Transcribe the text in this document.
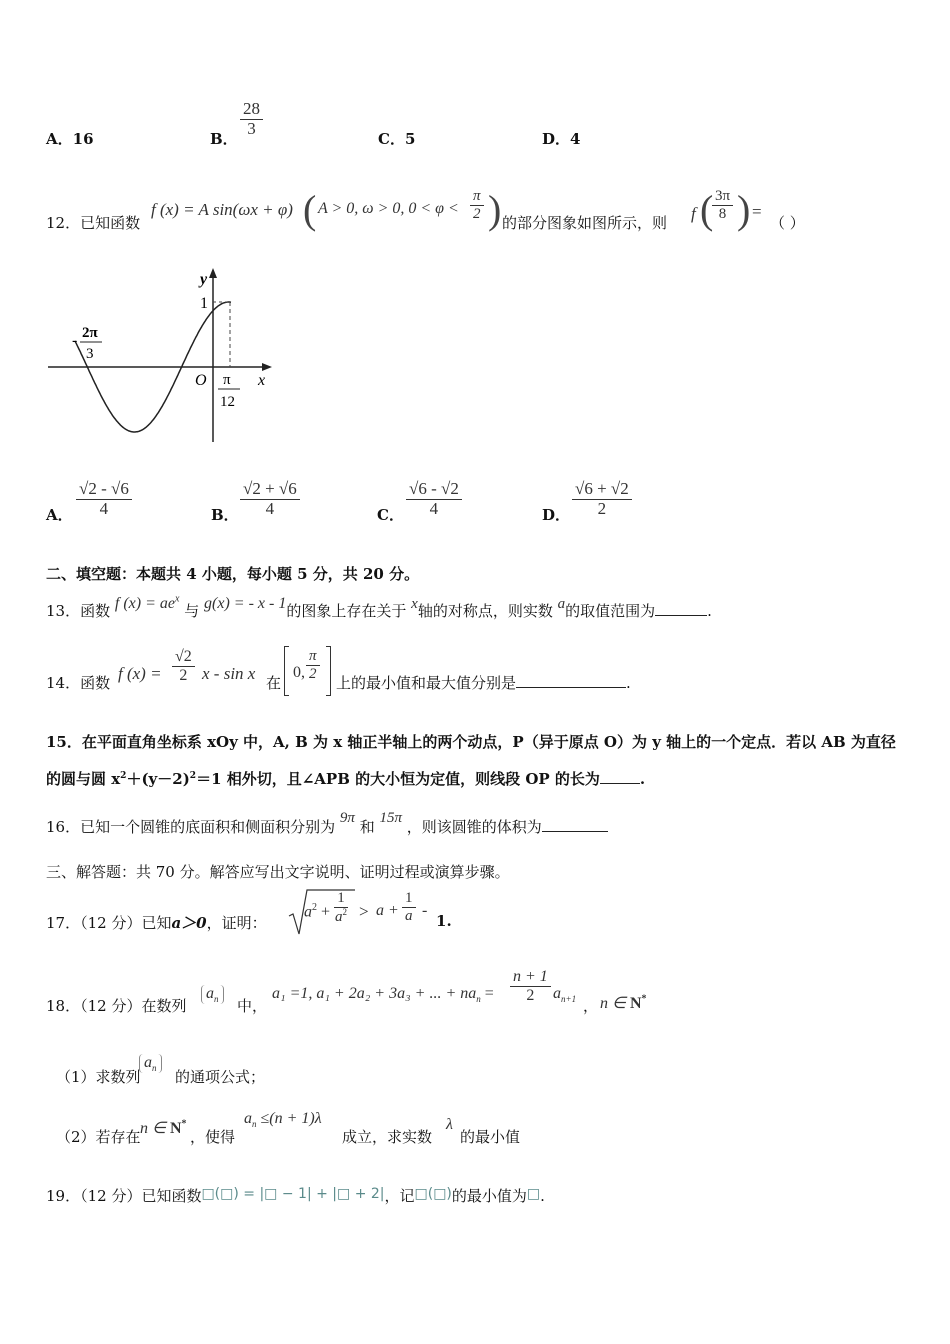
A．16	B．
$\frac{28}{3}$
C．5	D．4
12．已知函数
f (x) = A sin(ωx + φ) ( A > 0, ω > 0, $0 < \varphi < \frac{\pi}{2}$ ) 的部分图象如图所示，则 f (
$\frac{3\pi}{8}$ ) =
（ ）
y
x
O
1
- 2π
3
π
12
A． $\frac{√2 - √6}{4}$	B． $\frac{√2 + √6}{4}$	C． $\frac{√6 - √2}{4}$	D． $\frac{√6 + √2}{2}$
二、填空题：本题共 4 小题，每小题 5 分，共 20 分。
13．函数 f $(x) = ae^x$ 与 g(x) = - x - 1的图象上存在关于 x轴的对称点，则实数 a的取值范围为	.
14．函数 f $(x) = \frac{√2}{2}$ x - sin x 在
0, $\frac{\pi}{2}$
上的最小值和最大值分别是	.
15．在平面直角坐标系 xOy 中，A, B 为 x 轴正半轴上的两个动点，P（异于原点 O）为 y 轴上的一个定点．若以 AB 为直径
的圆与圆 $x^2+(y-2)^2=1$ 相外切，且∠APB 的大小恒为定值，则线段 OP 的长为	.
16．已知一个圆锥的底面积和侧面积分别为 9π 和 15π ，则该圆锥的体积为
三、解答题：共 70 分。解答应写出文字说明、证明过程或演算步骤。
17．（12 分）已知a＞0，证明：
$a^2 + \frac{1}{a^2} > a + \frac{1}{a}$ -
1.
18．（12 分）在数列
$a_n$	中，
a₁ =1, a₁ + 2a₂ + 3a₃ + ... + $na_n = \frac{n + 1}{2} a_{n+1}$ ， n ∈ N*
（1）求数列
$a_n$	的通项公式；
（2）若存在 n ∈ N*
，使得
$a_n \le(n + 1)\lambda$
成立，求实数
λ
的最小值
19．（12 分）已知函数□(□) = |□ − 1| + |□ + 2|，记□(□)的最小值为□.
